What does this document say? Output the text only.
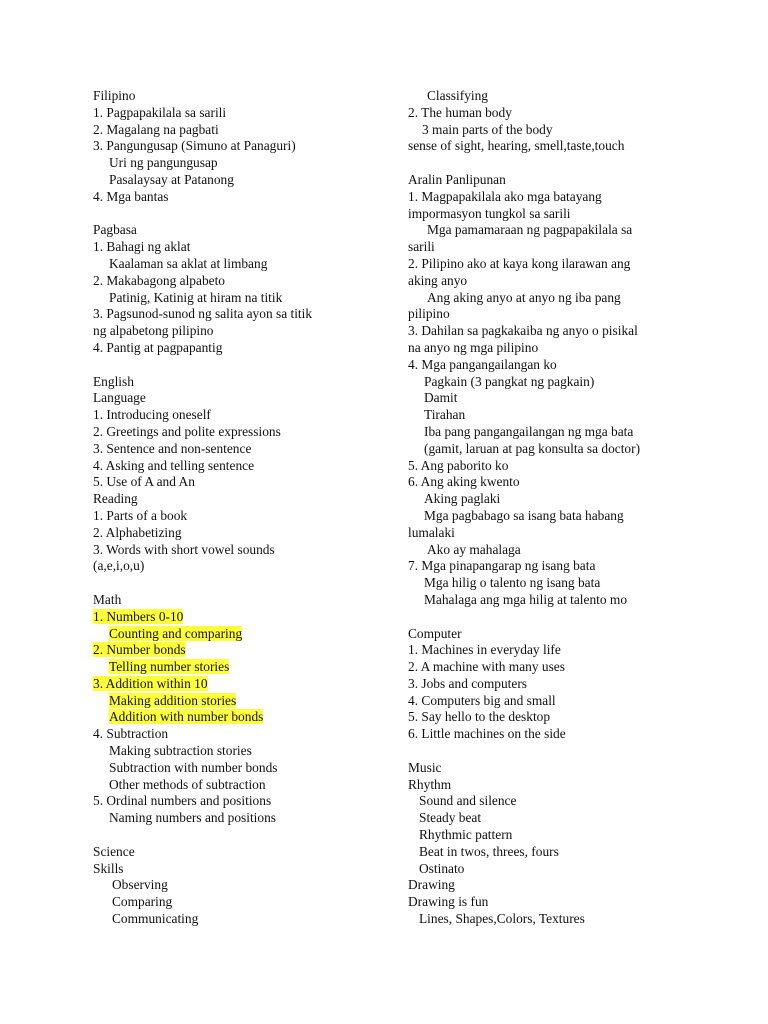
Filipino
1. Pagpapakilala sa sarili
2. Magalang na pagbati
3. Pangungusap (Simuno at Panaguri)
Uri ng pangungusap
Pasalaysay at Patanong
4. Mga bantas
Pagbasa
1. Bahagi ng aklat
Kaalaman sa aklat at limbang
2. Makabagong alpabeto
Patinig, Katinig at hiram na titik
3. Pagsunod-sunod ng salita ayon sa titik
ng alpabetong pilipino
4. Pantig at pagpapantig
English
Language
1. Introducing oneself
2. Greetings and polite expressions
3. Sentence and non-sentence
4. Asking and telling sentence
5. Use of A and An
Reading
1. Parts of a book
2. Alphabetizing
3. Words with short vowel sounds
(a,e,i,o,u)
Math
1. Numbers 0-10
Counting and comparing
2. Number bonds
Telling number stories
3. Addition within 10
Making addition stories
Addition with number bonds
4. Subtraction
Making subtraction stories
Subtraction with number bonds
Other methods of subtraction
5. Ordinal numbers and positions
Naming numbers and positions
Science
Skills
Observing
Comparing
Communicating
Classifying
2. The human body
3 main parts of the body
sense of sight, hearing, smell,taste,touch
Aralin Panlipunan
1. Magpapakilala ako mga batayang
impormasyon tungkol sa sarili
Mga pamamaraan ng pagpapakilala sa
sarili
2. Pilipino ako at kaya kong ilarawan ang
aking anyo
Ang aking anyo at anyo ng iba pang
pilipino
3. Dahilan sa pagkakaiba ng anyo o pisikal
na anyo ng mga pilipino
4. Mga pangangailangan ko
Pagkain (3 pangkat ng pagkain)
Damit
Tirahan
Iba pang pangangailangan ng mga bata
(gamit, laruan at pag konsulta sa doctor)
5. Ang paborito ko
6. Ang aking kwento
Aking paglaki
Mga pagbabago sa isang bata habang
lumalaki
Ako ay mahalaga
7. Mga pinapangarap ng isang bata
Mga hilig o talento ng isang bata
Mahalaga ang mga hilig at talento mo
Computer
1. Machines in everyday life
2. A machine with many uses
3. Jobs and computers
4. Computers big and small
5. Say hello to the desktop
6. Little machines on the side
Music
Rhythm
Sound and silence
Steady beat
Rhythmic pattern
Beat in twos, threes, fours
Ostinato
Drawing
Drawing is fun
Lines, Shapes,Colors, Textures
